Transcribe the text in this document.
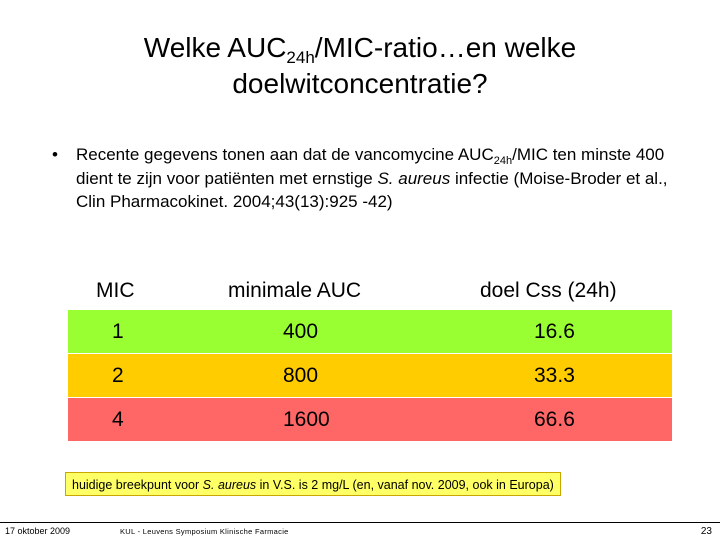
Welke $AUC_{24h}/MIC-ratio\dots en$ welke
doelwitconcentratie?
• Recente gegevens tonen aan dat de vancomycine $AUC_{24h}$/MIC ten minste 400 dient te zijn voor patiënten met ernstige S. aureus infectie (Moise-Broder et al., Clin Pharmacokinet. 2004;43(13):925 -42)
MIC	minimale AUC	doel Css (24h)
1	400	16.6
2	800	33.3
4	1600	66.6
huidige breekpunt voor S. aureus in V.S. is 2 mg/L (en, vanaf nov. 2009, ook in Europa)
17 oktober 2009	KUL - Leuvens Symposium Klinische Farmacie	23
